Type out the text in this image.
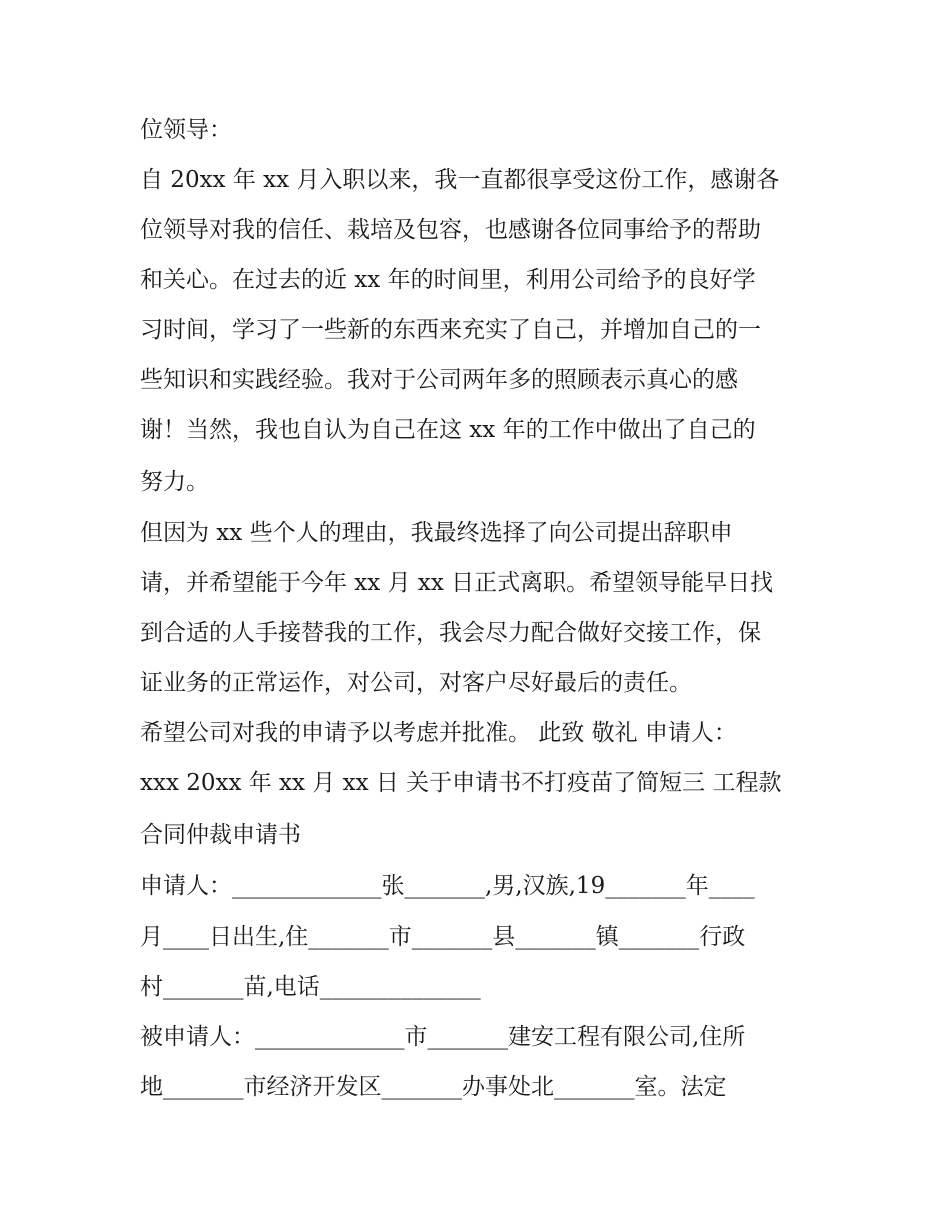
位领导：
自 20xx 年 xx 月入职以来，我一直都很享受这份工作，感谢各
位领导对我的信任、栽培及包容，也感谢各位同事给予的帮助
和关心。在过去的近 xx 年的时间里，利用公司给予的良好学
习时间，学习了一些新的东西来充实了自己，并增加自己的一
些知识和实践经验。我对于公司两年多的照顾表示真心的感
谢！当然，我也自认为自己在这 xx 年的工作中做出了自己的
努力。
但因为 xx 些个人的理由，我最终选择了向公司提出辞职申
请，并希望能于今年 xx 月 xx 日正式离职。希望领导能早日找
到合适的人手接替我的工作，我会尽力配合做好交接工作，保
证业务的正常运作，对公司，对客户尽好最后的责任。
希望公司对我的申请予以考虑并批准。 此致 敬礼 申请人：
xxx 20xx 年 xx 月 xx 日 关于申请书不打疫苗了简短三 工程款
合同仲裁申请书
申请人：_____________张_______,男,汉族,19_______年____
月____日出生,住_______市_______县_______镇_______行政
村_______苗,电话______________
被申请人：_____________市_______建安工程有限公司,住所
地_______市经济开发区_______办事处北_______室。法定
